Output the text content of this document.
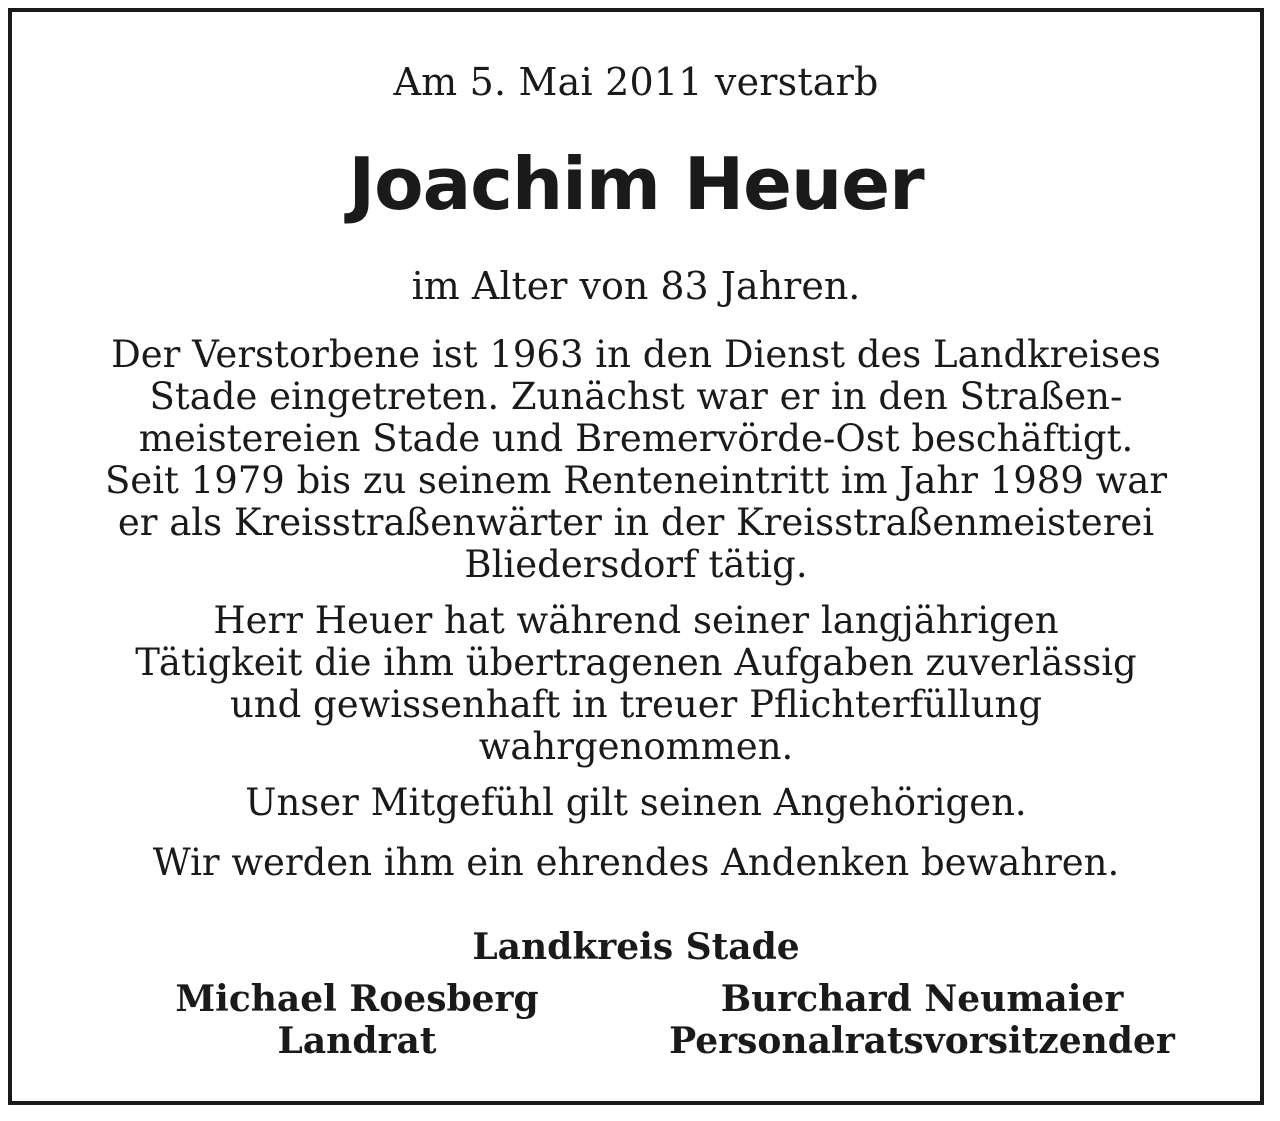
Am 5. Mai 2011 verstarb
Joachim Heuer
im Alter von 83 Jahren.
Der Verstorbene ist 1963 in den Dienst des Landkreises
Stade eingetreten. Zunächst war er in den Straßen-
meistereien Stade und Bremervörde-Ost beschäftigt.
Seit 1979 bis zu seinem Renteneintritt im Jahr 1989 war
er als Kreisstraßenwärter in der Kreisstraßenmeisterei
Bliedersdorf tätig.
Herr Heuer hat während seiner langjährigen
Tätigkeit die ihm übertragenen Aufgaben zuverlässig
und gewissenhaft in treuer Pflichterfüllung
wahrgenommen.
Unser Mitgefühl gilt seinen Angehörigen.
Wir werden ihm ein ehrendes Andenken bewahren.
Landkreis Stade
Michael Roesberg
Landrat
Burchard Neumaier
Personalratsvorsitzender
